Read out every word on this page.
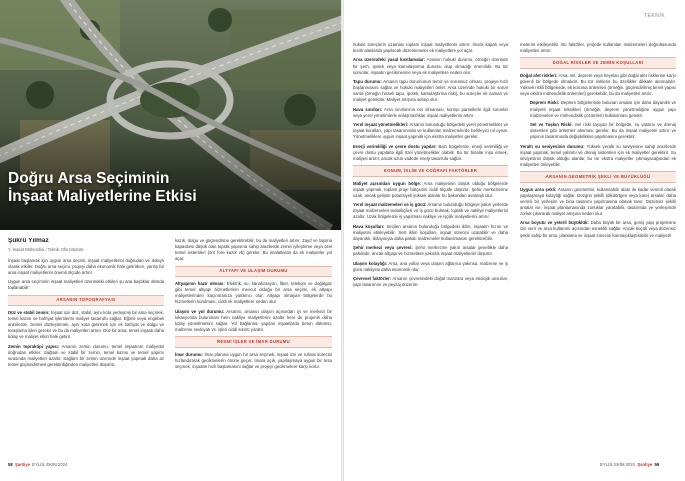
Doğru Arsa Seçiminin
İnşaat Maliyetlerine Etkisi
TEKNİK
Şükrü Yılmaz
Y. İnşaat Mühendisi / Teknik Ofis Müdürü

İnşaat başlamak için uygun arsa seçimi, inşaat maliyetlerini doğrudan ve dolaylı olarak etkiler. Doğru arsa seçimi, projeyi daha ekonomik hale getirirken, yanlış bir arsa inşaat maliyetlerini önemli ölçüde artırır.

Uygun arsa seçiminin inşaat maliyetleri üzerindeki etkileri şu ana başlıklar altında toplanabilir:

ARSANIN TOPOGRAFYASI

Düz ve stabil zemin: İnşaat için düz, stabil, aynı kota yerleşmiş bir arsa seçmek, temel kazısı ve hafriyat işlemlerini maliyet tasarrufu sağlar. Eğimli veya engebeli arazilerde, zemini düzleştirmek, aynı kota getirmek için ek hafriyat ve dolgu ve teraşlama işleri gerekir ve bu da maliyetleri artırır. Düz bir arsa, temel inşaatı daha kolay ve maliyet etkin hale getirir.

Zemin topraktipi yapısı: Arsanın zemin durumu, temel inşaatının maliyetini doğrudan etkiler. Sağlam ve stabil bir zemin, temel kazısı ve temel yapımı sırasında maliyetleri azaltır. Sağlam bir zemin üzerinde inşaat yapmak daha az temel güçlendirmesi gerektirdiğinden maliyetleri düşürür.

kazık, dolgu ve güçlendirme gerektirebilir, bu da maliyetleri artırır. Zayıf ve taşıma kapasitesi düşük olan toprak yapısına sahip arazilerde zemin iyileştirme veya özel temel sistemleri (örn fore kazık vb) gerekir. Bu imalatlarda da ek maliyetler yol açar.

ALTYAPI VE ULAŞIM DURUMU

Altyapının hazır olması: Elektrik, su, kanalizasyon, fiber, telekom ve doğalgaz gibi temel altyapı hizmetlerinin mevcut olduğu bir arsa seçimi, ek altyapı maliyetlerinden kaçınmanıza yardımcı olur. Altyapı olmayan bölgelerde bu hizmetlerin kurulması, ciddi ek maliyetlere neden olur.

Ulaşım ve yol durumu: Arsanın, arsanın ulaşım açısından iyi ve merkezi bir lokasyonda bulunması hem nakliye maliyetlerini azaltır hem de projenin daha kolay yönetilmesini sağlar. Yol bağlantısı yapılan inşaatlarda beton dökümü, malzeme sevkiyatı vs. işleri ciddi sıkıntı yaratır.

RESMİ İŞLER VE İMAR DURUMU

İmar durumu: İmar planına uygun bir arsa seçmek, inşaat izni ve ruhsat sürecini hızlandırarak gecikmelerin önüne geçer. İmara açık, yapılaşmaya uygun bir arsa seçmek, inşaatın hızlı başlamasını sağlar ve projeyi gecikmelere karşı korur.

hukuki süreçlerin uzaması toplam inşaat maliyetlerini artırır. İmara kapalı veya kısıtlı alanlarda yapılacak düzenlemeler ek maliyetlere yol açar.

Arsa üzerindeki yasal kısıtlamalar: Arsanın hukuki durumu, örneğin üzerinde bir şerh, ipotek veya kamulaştırma durumu olup olmadığı önemlidir. Bu tür sorunlar, inşaatın gecikmesine veya ek maliyetlere neden olur.

Tapu durumu: Arsanın tapu durumunun temiz ve sorunsuz olması, projeye hızlı başlanmasını sağlar ve hukuki maliyetleri önler. Arsa üzerinde hukuki bir sorun varsa (örneğin hisseli tapu, ipotek, kamulaştırma riski), bu süreçler ek zaman ve maliyet gerektirir. Maliyet artışına sebep olur.

Hava sınırları: Arsa sınırlarının net olmaması, komşu parsellerle ilgili sorunlar veya yerel yönetimlerle anlaşmazlıklar inşaat maliyetlerini artırır.

Yerel inşaat yönetmelikleri: Arsanın bulunduğu bölgedeki yerel yönetmelikler ve inşaat kuralları, yapı tasarımında ve kullanılan malzemelerde belirleyici rol oynar. Yönetmeliklere uygun inşaat yapmak için ekstra maliyetler gerekir.

Enerji verimliliği ve çevre dostu yapılar: Bazı bölgelerde, enerji verimliliği ve çevre dostu yapılarla ilgili özel yönetmelikler olabilir. Bu tür binalar inşa etmek, maliyeti artırır, ancak uzun vadede enerji tasarrufu sağlar.

KONUM, İKLİM VE COĞRAFİ FAKTÖRLER

Maliyet açısından uygun bölge: Arsa maliyetinin düşük olduğu bölgelerde inşaat yapmak, toplam proje bütçesini ciddi ölçüde düşürür. Şehir merkezlerine uzak, ancak gelişim potansiyeli yüksek alanlar bu bakımdan avantajlı olur.

Yerel inşaat malzemeleri ve iş gücü: Arsanın bulunduğu bölgeye yakın yerlerde inşaat malzemeleri tedarikçileri ve iş gücü bulmak, lojistik ve nakliye maliyetlerini azaltır. Uzak bölgelerde iş yapılması nakliye ve işçilik maliyetlerini artırır.

Hava koşulları: Seçilen arsanın bulunduğu bölgedeki iklim, inşaatın hızını ve maliyetini etkileyebilir. Sert iklim koşulları, inşaat sürecini uzatabilir ve daha dayanıklı, dolayısıyla daha pahalı malzemeler kullanılmasını gerektirebilir.

Şehir merkezi veya çevresi: Şehir merkezine yakın arsalar genellikle daha pahalıdır, ancak altyapı ve hizmetlere yakınlık inşaat maliyetlerini düşürür.

Ulaşım kolaylığı: Arsa, ana yollar veya ulaşım ağlarına yakınsa, malzeme ve iş gücü nakliyesi daha ekonomik olur.

Çevresel faktörler: Arsanın çevresindeki doğal manzara veya ekolojik unsurlar, yapı tasarımını ve peyzaj düzenle-

melerini etkileyebilir. Bu faktörler, projede kullanılan malzemeleri doğrultusunda maliyetleri artırır.

DOĞAL RİSKLER VE ZEMİN KOŞULLARI

Doğal afet riskleri: Arsa, sel, deprem veya heyelan gibi doğal afet risklerine karşı güvenli bir bölgede olmalıdır. Bu tür risklerin bu özellikler dikkate alınmalıdır. Yüksek riskli bölgelerde, ek koruma önlemleri (örneğin, güçlendirilmiş temel yapısı veya ekstra mühendislik önlemleri) gerekebilir, bu da maliyetleri artırır.

Deprem Riski: Deprem bölgelerinde bulunan arsalar için daha dayanıklı ve maliyetli inşaat teknikleri (örneğin, deprem yönetmeliğine uygun yapı malzemeleri ve mühendislik çözümleri) kullanılması gerekir.

Sel ve Taşkın Riski: Sel riski taşıyan bir bölgede, su yalıtımı ve drenaj sistemleri gibi önlemler alınması gerekir. Bu da inşaat maliyetini artırır ve yapının tasarımında değişikliklere yapılmasını gerektirir.

Yeraltı su seviyesinin durumu: Yüksek yeraltı su seviyesine sahip arazilerde inşaat yapmak, temel yalıtımı ve drenaj sistemleri için ek maliyetler gerektirir. Su seviyesinin düşük olduğu alanlar, bu tür ekstra maliyetler çıkmayacağından ek maliyetleri önleyebilir.

ARSANIN GEOMETRİK ŞEKLİ VE BÜYÜKLÜĞÜ

Uygun arsa şekli: Arsanın geometrisi, kullanılabilir alanı ile kadar verimli olarak yapılaşmaya kolaylığı sağlar. Düzgün şekilli (dikdörtgen veya kare) arsalar, daha verimli bir yerleşim ve bina tasarımı yapılmasına olanak tanır. Düzensiz şekilli arsalar ise, inşaat planlamasında zorluklar yaratabilir, tasarımda ve yerleşimde zorluk çıkararak maliyet artışına neden olur.

Arsa boyutu ve yeterli büyüklük: Daha büyük bir arsa, geniş yapı projelerine izin verir ve arsa kullanımı açısından esneklik sağlar. Ancak küçük veya düzensiz şekle sahip bir arsa, planlama ve inşaat sürecini karmaşıklaştırabilir ve maliyetli

58 Şantiye EYLÜL EKİM 2024	EYLÜL EKİM 2024 Şantiye 59
